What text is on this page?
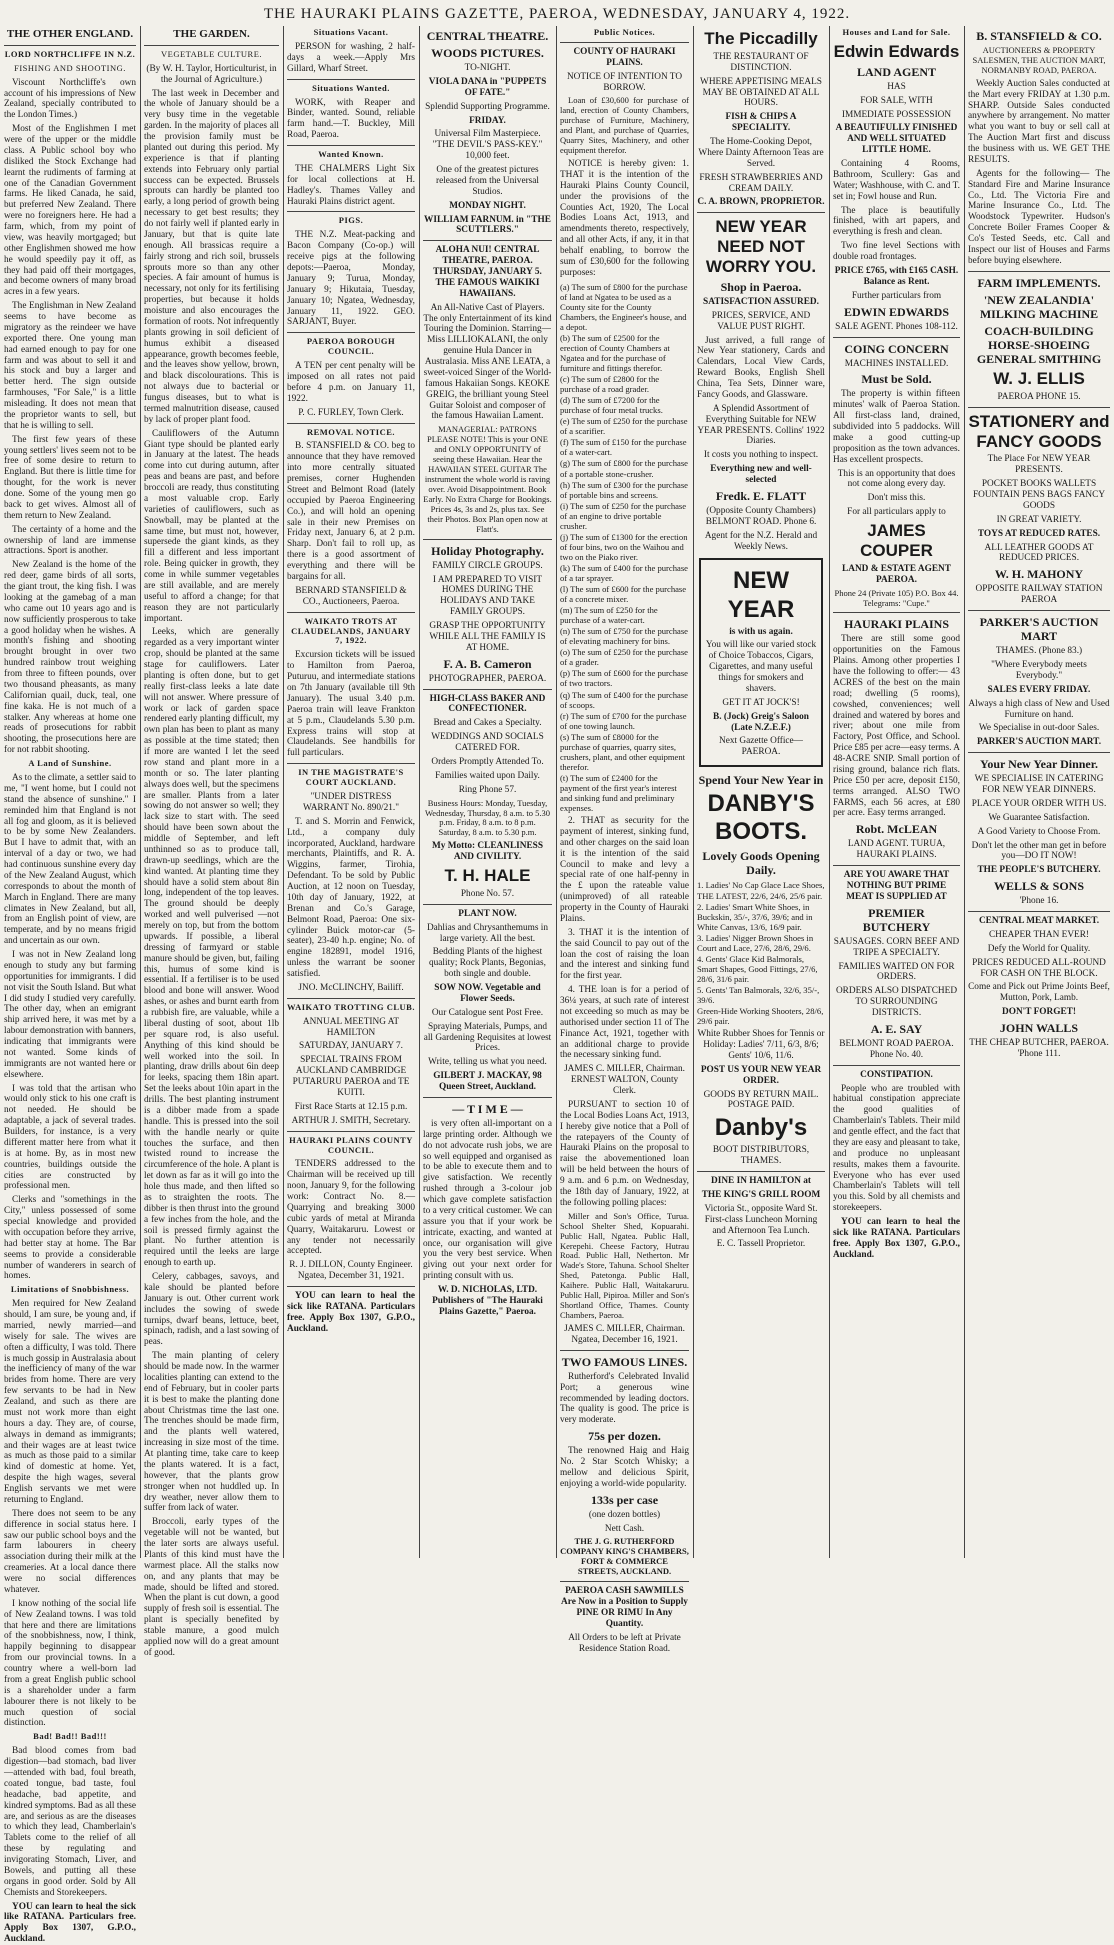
THE HAURAKI PLAINS GAZETTE, PAEROA, WEDNESDAY, JANUARY 4, 1922.
THE OTHER ENGLAND.
LORD NORTHCLIFFE IN N.Z.
FISHING AND SHOOTING.

Viscount Northcliffe's own account of his impressions of New Zealand, specially contributed to the London Times.)

Most of the Englishmen I met were of the upper or the middle class. A Public school boy who disliked the Stock Exchange had learnt the rudiments of farming at one of the Canadian Government farms. He liked Canada, he said, but preferred New Zealand. There were no foreigners here. He had a farm, which, from my point of view, was heavily mortgaged; but other Englishmen showed me how he would speedily pay it off, as they had paid off their mortgages, and become owners of many broad acres in a few years.

The Englishman in New Zealand seems to have become as migratory as the reindeer we have exported there. One young man had earned enough to pay for one farm and was about to sell it and his stock and buy a larger and better herd. The sign outside farmhouses, "For Sale," is a little misleading. It does not mean that the proprietor wants to sell, but that he is willing to sell.

The first few years of these young settlers' lives seem not to be free of some desire to return to England. But there is little time for thought, for the work is never done. Some of the young men go back to get wives. Almost all of them return to New Zealand.

The certainty of a home and the ownership of land are immense attractions. Sport is another.

New Zealand is the home of the red deer, game birds of all sorts, the giant trout, the king fish. I was looking at the gamebag of a man who came out 10 years ago and is now sufficiently prosperous to take a good holiday when he wishes. A month's fishing and shooting brought brought in over two hundred rainbow trout weighing from three to fifteen pounds, over two thousand pheasants, as many Californian quail, duck, teal, one fine kaka. He is not much of a stalker. Any whereas at home one reads of prosecutions for rabbit shooting, the prosecutions here are for not rabbit shooting.

A Land of Sunshine.

As to the climate, a settler said to me, "I went home, but I could not stand the absence of sunshine." I reminded him that England is not all fog and gloom, as it is believed to be by some New Zealanders. But I have to admit that, with an interval of a day or two, we had had continuous sunshine every day of the New Zealand August, which corresponds to about the month of March in England. There are many climates in New Zealand, but all, from an English point of view, are temperate, and by no means frigid and uncertain as our own.

I was not in New Zealand long enough to study any but farming opportunities for immigrants. I did not visit the South Island. But what I did study I studied very carefully. The other day, when an emigrant ship arrived here, it was met by a labour demonstration with banners, indicating that immigrants were not wanted. Some kinds of immigrants are not wanted here or elsewhere.

I was told that the artisan who would only stick to his one craft is not needed. He should be adaptable, a jack of several trades. Builders, for instance, is a very different matter here from what it is at home. By, as in most new countries, buildings outside the cities are constructed by professional men.

Clerks and "somethings in the City," unless possessed of some special knowledge and provided with occupation before they arrive, had better stay at home. The Bar seems to provide a considerable number of wanderers in search of homes.

Limitations of Snobbishness.

Men required for New Zealand should, I am sure, be young and, if married, newly married—and wisely for sale. The wives are often a difficulty, I was told. There is much gossip in Australasia about the inefficiency of many of the war brides from home. There are very few servants to be had in New Zealand, and such as there are must not work more than eight hours a day. They are, of course, always in demand as immigrants; and their wages are at least twice as much as those paid to a similar kind of domestic at home. Yet, despite the high wages, several English servants we met were returning to England.

There does not seem to be any difference in social status here. I saw our public school boys and the farm labourers in cheery association during their milk at the creameries. At a local dance there were no social differences whatever.

I know nothing of the social life of New Zealand towns. I was told that here and there are limitations of the snobbishness, now, I think, happily beginning to disappear from our provincial towns. In a country where a well-born lad from a great English public school is a shareholder under a farm labourer there is not likely to be much question of social distinction.

Bad! Bad!! Bad!!!

Bad blood comes from bad digestion—bad stomach, bad liver—attended with bad, foul breath, coated tongue, bad taste, foul headache, bad appetite, and kindred symptoms. Bad as all these are, and serious as are the diseases to which they lead, Chamberlain's Tablets come to the relief of all these by regulating and invigorating Stomach, Liver, and Bowels, and putting all these organs in good order. Sold by All Chemists and Storekeepers.

YOU can learn to heal the sick like RATANA. Particulars free. Apply Box 1307, G.P.O., Auckland.

THE GARDEN.
VEGETABLE CULTURE.

(By W. H. Taylor, Horticulturist, in the Journal of Agriculture.)

The last week in December and the whole of January should be a very busy time in the vegetable garden. In the majority of places all the provision family must be planted out during this period. My experience is that if planting extends into February only partial success can be expected. Brussels sprouts can hardly be planted too early, a long period of growth being necessary to get best results; they do not fairly well if planted early in January, but that is quite late enough. All brassicas require a fairly strong and rich soil, brussels sprouts more so than any other species. A fair amount of humus is necessary, not only for its fertilising properties, but because it holds moisture and also encourages the formation of roots. Not infrequently plants growing in soil deficient of humus exhibit a diseased appearance, growth becomes feeble, and the leaves show yellow, brown, and black discolourations. This is not always due to bacterial or fungus diseases, but to what is termed malnutrition disease, caused by lack of proper plant food.

Cauliflowers of the Autumn Giant type should be planted early in January at the latest. The heads come into cut during autumn, after peas and beans are past, and before broccoli are ready, thus constituting a most valuable crop. Early varieties of cauliflowers, such as Snowball, may be planted at the same time, but must not, however, supersede the giant kinds, as they fill a different and less important role. Being quicker in growth, they come in while summer vegetables are still available, and are merely useful to afford a change; for that reason they are not particularly important.

Leeks, which are generally regarded as a very important winter crop, should be planted at the same stage for cauliflowers. Later planting is often done, but to get really first-class leeks a late date will not answer. Where pressure of work or lack of garden space rendered early planting difficult, my own plan has been to plant as many as possible at the time stated; then if more are wanted I let the seed row stand and plant more in a month or so. The later planting always does well, but the specimens are smaller. Plants from a later sowing do not answer so well; they lack size to start with. The seed should have been sown about the middle of September, and left unthinned so as to produce tall, drawn-up seedlings, which are the kind wanted. At planting time they should have a solid stem about 8in long, independent of the top leaves. The ground should be deeply worked and well pulverised —not merely on top, but from the bottom upwards. If possible, a liberal dressing of farmyard or stable manure should be given, but, failing this, humus of some kind is essential. If a fertiliser is to be used blood and bone will answer. Wood ashes, or ashes and burnt earth from a rubbish fire, are valuable, while a liberal dusting of soot, about 1lb per square rod, is also useful. Anything of this kind should be well worked into the soil. In planting, draw drills about 6in deep for leeks, spacing them 18in apart. Set the leeks about 10in apart in the drills. The best planting instrument is a dibber made from a spade handle. This is pressed into the soil with the handle nearly or quite touches the surface, and then twisted round to increase the circumference of the hole. A plant is let down as far as it will go into the hole thus made, and then lifted so as to straighten the roots. The dibber is then thrust into the ground a few inches from the hole, and the soil is pressed firmly against the plant. No further attention is required until the leeks are large enough to earth up.

Celery, cabbages, savoys, and kale should be planted before January is out. Other current work includes the sowing of swede turnips, dwarf beans, lettuce, beet, spinach, radish, and a last sowing of peas.

The main planting of celery should be made now. In the warmer localities planting can extend to the end of February, but in cooler parts it is best to make the planting done about Christmas time the last one. The trenches should be made firm, and the plants well watered, increasing in size most of the time. At planting time, take care to keep the plants watered. It is a fact, however, that the plants grow stronger when not huddled up. In dry weather, never allow them to suffer from lack of water.

Broccoli, early types of the vegetable will not be wanted, but the later sorts are always useful. Plants of this kind must have the warmest place. All the stalks now on, and any plants that may be made, should be lifted and stored. When the plant is cut down, a good supply of fresh soil is essential. The plant is specially benefited by stable manure, a good mulch applied now will do a great amount of good.

Situations Vacant.

PERSON for washing, 2 half-days a week.—Apply Mrs Gillard, Wharf Street.

Situations Wanted.

WORK, with Reaper and Binder, wanted. Sound, reliable farm hand.—T. Buckley, Mill Road, Paeroa.

Wanted Known.

THE CHALMERS Light Six for local collections at H. Hadley's. Thames Valley and Hauraki Plains district agent.

PIGS.

THE N.Z. Meat-packing and Bacon Company (Co-op.) will receive pigs at the following depots:—Paeroa, Monday, January 9; Turua, Monday, January 9; Hikutaia, Tuesday, January 10; Ngatea, Wednesday, January 11, 1922. GEO. SARJANT, Buyer.

PAEROA BOROUGH COUNCIL.

A TEN per cent penalty will be imposed on all rates not paid before 4 p.m. on January 11, 1922.

P. C. FURLEY, Town Clerk.

REMOVAL NOTICE.

B. STANSFIELD & CO. beg to announce that they have removed into more centrally situated premises, corner Hughenden Street and Belmont Road (lately occupied by Paeroa Engineering Co.), and will hold an opening sale in their new Premises on Friday next, January 6, at 2 p.m. Sharp. Don't fail to roll up, as there is a good assortment of everything and there will be bargains for all.

BERNARD STANSFIELD & CO., Auctioneers, Paeroa.

WAIKATO TROTS AT CLAUDELANDS, JANUARY 7, 1922.

Excursion tickets will be issued to Hamilton from Paeroa, Puturuu, and intermediate stations on 7th January (available till 9th January). The usual 3.40 p.m. Paeroa train will leave Frankton at 5 p.m., Claudelands 5.30 p.m. Express trains will stop at Claudelands. See handbills for full particulars.

IN THE MAGISTRATE'S COURT AUCKLAND.

"UNDER DISTRESS WARRANT No. 890/21."

T. and S. Morrin and Fenwick, Ltd., a company duly incorporated, Auckland, hardware merchants, Plaintiffs, and R. A. Wiggins, farmer, Tirohia, Defendant. To be sold by Public Auction, at 12 noon on Tuesday, 10th day of January, 1922, at Brenan and Co.'s Garage, Belmont Road, Paeroa: One six-cylinder Buick motor-car (5-seater), 23-40 h.p. engine; No. of engine 182891, model 1916, unless the warrant be sooner satisfied.

JNO. McCLINCHY, Bailiff.

WAIKATO TROTTING CLUB.

ANNUAL MEETING AT HAMILTON

SATURDAY, JANUARY 7.

SPECIAL TRAINS FROM AUCKLAND CAMBRIDGE PUTARURU PAEROA and TE KUITI.

First Race Starts at 12.15 p.m.

ARTHUR J. SMITH, Secretary.

HAURAKI PLAINS COUNTY COUNCIL.

TENDERS addressed to the Chairman will be received up till noon, January 9, for the following work: Contract No. 8.—Quarrying and breaking 3000 cubic yards of metal at Miranda Quarry, Waitakaruru. Lowest or any tender not necessarily accepted.

R. J. DILLON, County Engineer. Ngatea, December 31, 1921.

YOU can learn to heal the sick like RATANA. Particulars free. Apply Box 1307, G.P.O., Auckland.

CENTRAL THEATRE.
WOODS PICTURES.

TO-NIGHT.

VIOLA DANA in "PUPPETS OF FATE."

Splendid Supporting Programme.

FRIDAY.

Universal Film Masterpiece. "THE DEVIL'S PASS-KEY." 10,000 feet.

One of the greatest pictures released from the Universal Studios.

MONDAY NIGHT.

WILLIAM FARNUM. in "THE SCUTTLERS."

ALOHA NUI! CENTRAL THEATRE, PAEROA. THURSDAY, JANUARY 5. THE FAMOUS WAIKIKI HAWAIIANS.

An All-Native Cast of Players. The only Entertainment of its kind Touring the Dominion. Starring— Miss LILLIOKALANI, the only genuine Hula Dancer in Australasia. Miss ANE LEATA, a sweet-voiced Singer of the World-famous Hakaiian Songs. KEOKE GREIG, the brilliant young Steel Guitar Soloist and composer of the famous Hawaiian Lament.

MANAGERIAL: PATRONS PLEASE NOTE! This is your ONE and ONLY OPPORTUNITY of seeing these Hawaiian. Hear the HAWAIIAN STEEL GUITAR The instrument the whole world is raving over. Avoid Disappointment. Book Early. No Extra Charge for Bookings. Prices 4s, 3s and 2s, plus tax. See their Photos. Box Plan open now at Flatt's.

Holiday Photography.

FAMILY CIRCLE GROUPS.

I AM PREPARED TO VISIT HOMES DURING THE HOLIDAYS AND TAKE FAMILY GROUPS.

GRASP THE OPPORTUNITY WHILE ALL THE FAMILY IS AT HOME.

F. A. B. Cameron

PHOTOGRAPHER, PAEROA.

HIGH-CLASS BAKER AND CONFECTIONER.

Bread and Cakes a Specialty.

WEDDINGS AND SOCIALS CATERED FOR.

Orders Promptly Attended To.

Families waited upon Daily.

Ring Phone 57.

Business Hours: Monday, Tuesday, Wednesday, Thursday, 8 a.m. to 5.30 p.m. Friday, 8 a.m. to 8 p.m. Saturday, 8 a.m. to 5.30 p.m.

My Motto: CLEANLINESS AND CIVILITY.

T. H. HALE

Phone No. 57.

PLANT NOW.

Dahlias and Chrysanthemums in large variety. All the best.

Bedding Plants of the highest quality; Rock Plants, Begonias, both single and double.

SOW NOW. Vegetable and Flower Seeds.

Our Catalogue sent Post Free.

Spraying Materials, Pumps, and all Gardening Requisites at lowest Prices.

Write, telling us what you need.

GILBERT J. MACKAY, 98 Queen Street, Auckland.

— T I M E —

is very often all-important on a large printing order. Although we do not advocate rush jobs, we are so well equipped and organised as to be able to execute them and to give satisfaction. We recently rushed through a 3-colour job which gave complete satisfaction to a very critical customer. We can assure you that if your work be intricate, exacting, and wanted at once, our organisation will give you the very best service. When giving out your next order for printing consult with us.

W. D. NICHOLAS, LTD. Publishers of "The Hauraki Plains Gazette," Paeroa.

Public Notices.

COUNTY OF HAURAKI PLAINS.

NOTICE OF INTENTION TO BORROW.

Loan of £30,600 for purchase of land, erection of County Chambers, purchase of Furniture, Machinery, and Plant, and purchase of Quarries, Quarry Sites, Machinery, and other equipment therefor.

NOTICE is hereby given: 1. THAT it is the intention of the Hauraki Plains County Council, under the provisions of the Counties Act, 1920, The Local Bodies Loans Act, 1913, and amendments thereto, respectively, and all other Acts, if any, it in that behalf enabling, to borrow the sum of £30,600 for the following purposes:

(a) The sum of £800 for the purchase of land at Ngatea to be used as a County site for the County Chambers, the Engineer's house, and a depot.
(b) The sum of £2500 for the erection of County Chambers at Ngatea and for the purchase of furniture and fittings therefor.
(c) The sum of £2800 for the purchase of a road grader.
(d) The sum of £7200 for the purchase of four metal trucks.
(e) The sum of £250 for the purchase of a scarifier.
(f) The sum of £150 for the purchase of a water-cart.
(g) The sum of £800 for the purchase of a portable stone-crusher.
(h) The sum of £300 for the purchase of portable bins and screens.
(i) The sum of £250 for the purchase of an engine to drive portable crusher.
(j) The sum of £1300 for the erection of four bins, two on the Waihou and two on the Piako river.
(k) The sum of £400 for the purchase of a tar sprayer.
(l) The sum of £600 for the purchase of a concrete mixer.
(m) The sum of £250 for the purchase of a water-cart.
(n) The sum of £750 for the purchase of elevating machinery for bins.
(o) The sum of £250 for the purchase of a grader.
(p) The sum of £600 for the purchase of two tractors.
(q) The sum of £400 for the purchase of scoops.
(r) The sum of £700 for the purchase of one towing launch.
(s) The sum of £8000 for the purchase of quarries, quarry sites, crushers, plant, and other equipment therefor.
(t) The sum of £2400 for the payment of the first year's interest and sinking fund and preliminary expenses.

2. THAT as security for the payment of interest, sinking fund, and other charges on the said loan it is the intention of the said Council to make and levy a special rate of one half-penny in the £ upon the rateable value (unimproved) of all rateable property in the County of Hauraki Plains.

3. THAT it is the intention of the said Council to pay out of the loan the cost of raising the loan and the interest and sinking fund for the first year.

4. THE loan is for a period of 36¼ years, at such rate of interest not exceeding so much as may be authorised under section 11 of The Finance Act, 1921, together with an additional charge to provide the necessary sinking fund.

JAMES C. MILLER, Chairman. ERNEST WALTON, County Clerk.

PURSUANT to section 10 of the Local Bodies Loans Act, 1913, I hereby give notice that a Poll of the ratepayers of the County of Hauraki Plains on the proposal to raise the abovementioned loan will be held between the hours of 9 a.m. and 6 p.m. on Wednesday, the 18th day of January, 1922, at the following polling places:

Miller and Son's Office, Turua. School Shelter Shed, Kopuarahi. Public Hall, Ngatea. Public Hall, Kerepehi. Cheese Factory, Hutrau Road. Public Hall, Netherton. Mr Wade's Store, Tahuna. School Shelter Shed, Patetonga. Public Hall, Kaihere. Public Hall, Waitakaruru. Public Hall, Pipiroa. Miller and Son's Shortland Office, Thames. County Chambers, Paeroa.

JAMES C. MILLER, Chairman. Ngatea, December 16, 1921.

TWO FAMOUS LINES.

Rutherford's Celebrated Invalid Port; a generous wine recommended by leading doctors. The quality is good. The price is very moderate.

75s per dozen.

The renowned Haig and Haig No. 2 Star Scotch Whisky; a mellow and delicious Spirit, enjoying a world-wide popularity.

133s per case

(one dozen bottles)

Nett Cash.

THE J. G. RUTHERFORD COMPANY KING'S CHAMBERS, FORT & COMMERCE STREETS, AUCKLAND.

PAEROA CASH SAWMILLS Are Now in a Position to Supply PINE OR RIMU In Any Quantity.

All Orders to be left at Private Residence Station Road.

The Piccadilly

THE RESTAURANT OF DISTINCTION.

WHERE APPETISING MEALS MAY BE OBTAINED AT ALL HOURS.

FISH & CHIPS A SPECIALITY.

The Home-Cooking Depot, Where Dainty Afternoon Teas are Served.

FRESH STRAWBERRIES AND CREAM DAILY.

C. A. BROWN, PROPRIETOR.

NEW YEAR NEED NOT WORRY YOU.
Shop in Paeroa.

SATISFACTION ASSURED.

PRICES, SERVICE, AND VALUE PUST RIGHT.

Just arrived, a full range of New Year stationery, Cards and Calendars, Local View Cards, Reward Books, English Shell China, Tea Sets, Dinner ware, Fancy Goods, and Glassware.

A Splendid Assortment of Everything Suitable for NEW YEAR PRESENTS. Collins' 1922 Diaries.

It costs you nothing to inspect.

Everything new and well-selected

Fredk. E. FLATT

(Opposite County Chambers) BELMONT ROAD. Phone 6.

Agent for the N.Z. Herald and Weekly News.

NEW YEAR

is with us again.

You will like our varied stock of Choice Tobaccos, Cigars, Cigarettes, and many useful things for smokers and shavers.

GET IT AT JOCK'S!

B. (Jock) Greig's Saloon (Late N.Z.E.F.)

Next Gazette Office—PAEROA.

Spend Your New Year in
DANBY'S BOOTS.
Lovely Goods Opening Daily.
1. Ladies' No Cap Glace Lace Shoes, THE LATEST, 22/6, 24/6, 25/6 pair.
2. Ladies' Smart White Shoes, in Buckskin, 35/-, 37/6, 39/6; and in White Canvas, 13/6, 16/9 pair.
3. Ladies' Nigger Brown Shoes in Court and Lace, 27/6, 28/6, 29/6.
4. Gents' Glace Kid Balmorals, Smart Shapes, Good Fittings, 27/6, 28/6, 31/6 pair.
5. Gents' Tan Balmorals, 32/6, 35/-, 39/6.
Green-Hide Working Shooters, 28/6, 29/6 pair.

White Rubber Shoes for Tennis or Holiday: Ladies' 7/11, 6/3, 8/6; Gents' 10/6, 11/6.

POST US YOUR NEW YEAR ORDER.

GOODS BY RETURN MAIL. POSTAGE PAID.

Danby's

BOOT DISTRIBUTORS, THAMES.

DINE IN HAMILTON at

THE KING'S GRILL ROOM

Victoria St., opposite Ward St. First-class Luncheon Morning and Afternoon Tea Lunch.

E. C. Tassell Proprietor.

Houses and Land for Sale.
Edwin Edwards
LAND AGENT

HAS

FOR SALE, WITH

IMMEDIATE POSSESSION

A BEAUTIFULLY FINISHED AND WELL SITUATED LITTLE HOME.

Containing 4 Rooms, Bathroom, Scullery: Gas and Water; Washhouse, with C. and T. set in; Fowl house and Run.

The place is beautifully finished, with art papers, and everything is fresh and clean.

Two fine level Sections with double road frontages.

PRICE £765, with £165 CASH. Balance as Rent.

Further particulars from

EDWIN EDWARDS

SALE AGENT. Phones 108-112.

COING CONCERN

MACHINES INSTALLED.

Must be Sold.

The property is within fifteen minutes' walk of Paeroa Station. All first-class land, drained, subdivided into 5 paddocks. Will make a good cutting-up proposition as the town advances. Has excellent prospects.

This is an opportunity that does not come along every day.

Don't miss this.

For all particulars apply to

JAMES COUPER

LAND & ESTATE AGENT PAEROA.

Phone 24 (Private 105) P.O. Box 44. Telegrams: "Cupe."

HAURAKI PLAINS

There are still some good opportunities on the Famous Plains. Among other properties I have the following to offer:— 43 ACRES of the best on the main road; dwelling (5 rooms), cowshed, conveniences; well drained and watered by bores and river; about one mile from Factory, Post Office, and School. Price £85 per acre—easy terms. A 48-ACRE SNIP. Small portion of rising ground, balance rich flats. Price £50 per acre, deposit £150, terms arranged. ALSO TWO FARMS, each 56 acres, at £80 per acre. Easy terms arranged.

Robt. McLEAN

LAND AGENT. TURUA, HAURAKI PLAINS.

ARE YOU AWARE THAT NOTHING BUT PRIME MEAT IS SUPPLIED AT

PREMIER BUTCHERY

SAUSAGES. CORN BEEF AND TRIPE A SPECIALTY.

FAMILIES WAITED ON FOR ORDERS.

ORDERS ALSO DISPATCHED TO SURROUNDING DISTRICTS.

A. E. SAY

BELMONT ROAD PAEROA. Phone No. 40.

CONSTIPATION.

People who are troubled with habitual constipation appreciate the good qualities of Chamberlain's Tablets. Their mild and gentle effect, and the fact that they are easy and pleasant to take, and produce no unpleasant results, makes them a favourite. Everyone who has ever used Chamberlain's Tablets will tell you this. Sold by all chemists and storekeepers.

YOU can learn to heal the sick like RATANA. Particulars free. Apply Box 1307, G.P.O., Auckland.

B. STANSFIELD & CO.

AUCTIONEERS & PROPERTY SALESMEN, THE AUCTION MART, NORMANBY ROAD, PAEROA.

Weekly Auction Sales conducted at the Mart every FRIDAY at 1.30 p.m. SHARP. Outside Sales conducted anywhere by arrangement. No matter what you want to buy or sell call at The Auction Mart first and discuss the business with us. WE GET THE RESULTS.

Agents for the following— The Standard Fire and Marine Insurance Co., Ltd. The Victoria Fire and Marine Insurance Co., Ltd. The Woodstock Typewriter. Hudson's Concrete Boiler Frames Cooper & Co's Tested Seeds, etc. Call and Inspect our list of Houses and Farms before buying elsewhere.

FARM IMPLEMENTS.
'NEW ZEALANDIA' MILKING MACHINE
COACH-BUILDING HORSE-SHOEING GENERAL SMITHING
W. J. ELLIS

PAEROA PHONE 15.

STATIONERY and FANCY GOODS

The Place For NEW YEAR PRESENTS.

POCKET BOOKS WALLETS FOUNTAIN PENS BAGS FANCY GOODS

IN GREAT VARIETY.

TOYS AT REDUCED RATES.

ALL LEATHER GOODS AT REDUCED PRICES.

W. H. MAHONY

OPPOSITE RAILWAY STATION PAEROA

PARKER'S AUCTION MART

THAMES. (Phone 83.)

"Where Everybody meets Everybody."

SALES EVERY FRIDAY.

Always a high class of New and Used Furniture on hand.

We Specialise in out-door Sales.

PARKER'S AUCTION MART.

Your New Year Dinner.

WE SPECIALISE IN CATERING FOR NEW YEAR DINNERS.

PLACE YOUR ORDER WITH US.

We Guarantee Satisfaction.

A Good Variety to Choose From.

Don't let the other man get in before you—DO IT NOW!

THE PEOPLE'S BUTCHERY.

WELLS & SONS

'Phone 16.

CENTRAL MEAT MARKET.

CHEAPER THAN EVER!

Defy the World for Quality.

PRICES REDUCED ALL-ROUND FOR CASH ON THE BLOCK.

Come and Pick out Prime Joints Beef, Mutton, Pork, Lamb.

DON'T FORGET!

JOHN WALLS

THE CHEAP BUTCHER, PAEROA. 'Phone 111.
